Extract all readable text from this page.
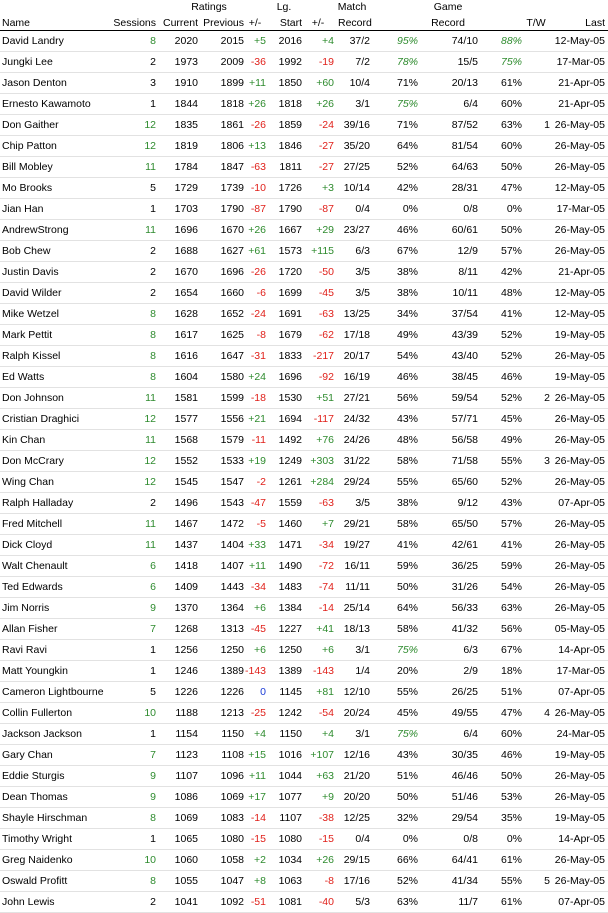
		Ratings			Lg.		Match		Game			
Name	Sessions	Current	Previous	+/-	Start	+/-	Record		Record		T/W	Last
David Landry	8	2020	2015	+5	2016	+4	37/2	95%	74/10	88%		12-May-05
Jungki Lee	2	1973	2009	-36	1992	-19	7/2	78%	15/5	75%		17-Mar-05
Jason Denton	3	1910	1899	+11	1850	+60	10/4	71%	20/13	61%		21-Apr-05
Ernesto Kawamoto	1	1844	1818	+26	1818	+26	3/1	75%	6/4	60%		21-Apr-05
Don Gaither	12	1835	1861	-26	1859	-24	39/16	71%	87/52	63%	1	26-May-05
Chip Patton	12	1819	1806	+13	1846	-27	35/20	64%	81/54	60%		26-May-05
Bill Mobley	11	1784	1847	-63	1811	-27	27/25	52%	64/63	50%		26-May-05
Mo Brooks	5	1729	1739	-10	1726	+3	10/14	42%	28/31	47%		12-May-05
Jian Han	1	1703	1790	-87	1790	-87	0/4	0%	0/8	0%		17-Mar-05
AndrewStrong	11	1696	1670	+26	1667	+29	23/27	46%	60/61	50%		26-May-05
Bob Chew	2	1688	1627	+61	1573	+115	6/3	67%	12/9	57%		26-May-05
Justin Davis	2	1670	1696	-26	1720	-50	3/5	38%	8/11	42%		21-Apr-05
David Wilder	2	1654	1660	-6	1699	-45	3/5	38%	10/11	48%		12-May-05
Mike Wetzel	8	1628	1652	-24	1691	-63	13/25	34%	37/54	41%		12-May-05
Mark Pettit	8	1617	1625	-8	1679	-62	17/18	49%	43/39	52%		19-May-05
Ralph Kissel	8	1616	1647	-31	1833	-217	20/17	54%	43/40	52%		26-May-05
Ed Watts	8	1604	1580	+24	1696	-92	16/19	46%	38/45	46%		19-May-05
Don Johnson	11	1581	1599	-18	1530	+51	27/21	56%	59/54	52%	2	26-May-05
Cristian Draghici	12	1577	1556	+21	1694	-117	24/32	43%	57/71	45%		26-May-05
Kin Chan	11	1568	1579	-11	1492	+76	24/26	48%	56/58	49%		26-May-05
Don McCrary	12	1552	1533	+19	1249	+303	31/22	58%	71/58	55%	3	26-May-05
Wing Chan	12	1545	1547	-2	1261	+284	29/24	55%	65/60	52%		26-May-05
Ralph Halladay	2	1496	1543	-47	1559	-63	3/5	38%	9/12	43%		07-Apr-05
Fred Mitchell	11	1467	1472	-5	1460	+7	29/21	58%	65/50	57%		26-May-05
Dick Cloyd	11	1437	1404	+33	1471	-34	19/27	41%	42/61	41%		26-May-05
Walt Chenault	6	1418	1407	+11	1490	-72	16/11	59%	36/25	59%		26-May-05
Ted Edwards	6	1409	1443	-34	1483	-74	11/11	50%	31/26	54%		26-May-05
Jim Norris	9	1370	1364	+6	1384	-14	25/14	64%	56/33	63%		26-May-05
Allan Fisher	7	1268	1313	-45	1227	+41	18/13	58%	41/32	56%		05-May-05
Ravi Ravi	1	1256	1250	+6	1250	+6	3/1	75%	6/3	67%		14-Apr-05
Matt Youngkin	1	1246	1389	-143	1389	-143	1/4	20%	2/9	18%		17-Mar-05
Cameron Lightbourne	5	1226	1226	0	1145	+81	12/10	55%	26/25	51%		07-Apr-05
Collin Fullerton	10	1188	1213	-25	1242	-54	20/24	45%	49/55	47%	4	26-May-05
Jackson Jackson	1	1154	1150	+4	1150	+4	3/1	75%	6/4	60%		24-Mar-05
Gary Chan	7	1123	1108	+15	1016	+107	12/16	43%	30/35	46%		19-May-05
Eddie Sturgis	9	1107	1096	+11	1044	+63	21/20	51%	46/46	50%		26-May-05
Dean Thomas	9	1086	1069	+17	1077	+9	20/20	50%	51/46	53%		26-May-05
Shayle Hirschman	8	1069	1083	-14	1107	-38	12/25	32%	29/54	35%		19-May-05
Timothy Wright	1	1065	1080	-15	1080	-15	0/4	0%	0/8	0%		14-Apr-05
Greg Naidenko	10	1060	1058	+2	1034	+26	29/15	66%	64/41	61%		26-May-05
Oswald Profitt	8	1055	1047	+8	1063	-8	17/16	52%	41/34	55%	5	26-May-05
John Lewis	2	1041	1092	-51	1081	-40	5/3	63%	11/7	61%		07-Apr-05
